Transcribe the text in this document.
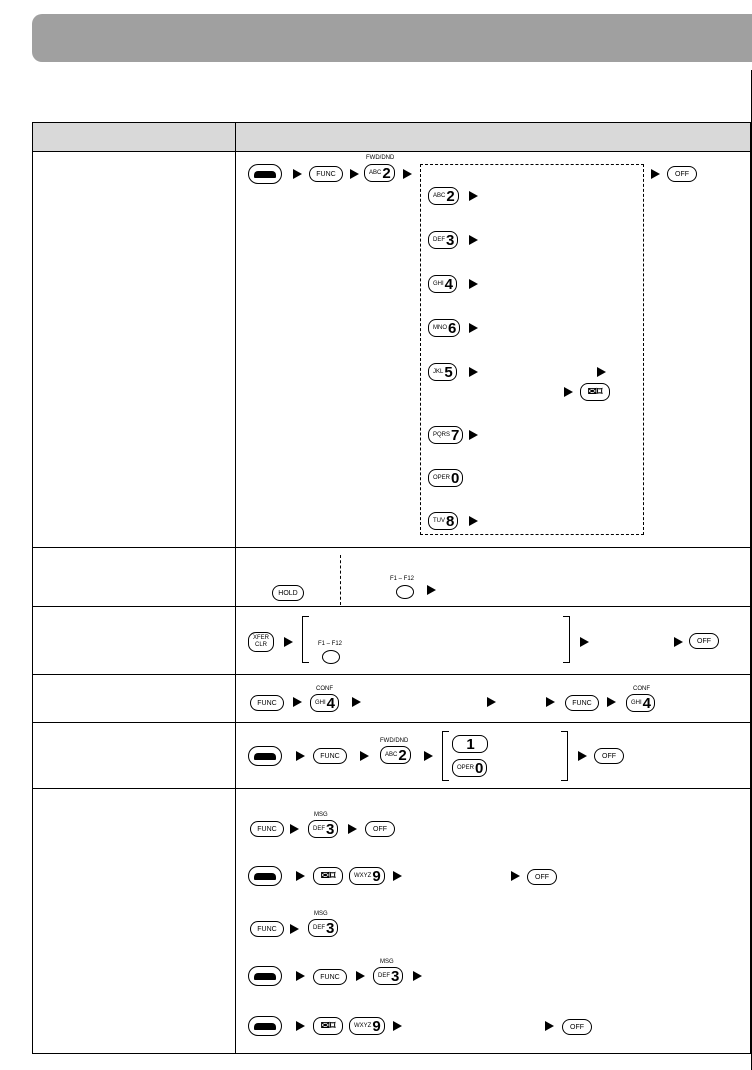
FUNC
FWD/DND
ABC 2	OFF
ABC 2
DEF 3
GHI 4
MNO 6
JKL 5
✉⌑
PQRS 7
OPER 0
TUV 8
HOLD
F1 – F12
XFER
CLR	F1 – F12	OFF
FUNC
CONF
GHI 4	FUNC
CONF
GHI 4
FUNC
FWD/DND
ABC 2
1
OPER 0
OFF
FUNC
MSG
DEF 3	OFF
✉⌑	WXYZ 9	OFF
FUNC
MSG
DEF 3
FUNC
MSG
DEF 3
✉⌑	WXYZ 9	OFF
